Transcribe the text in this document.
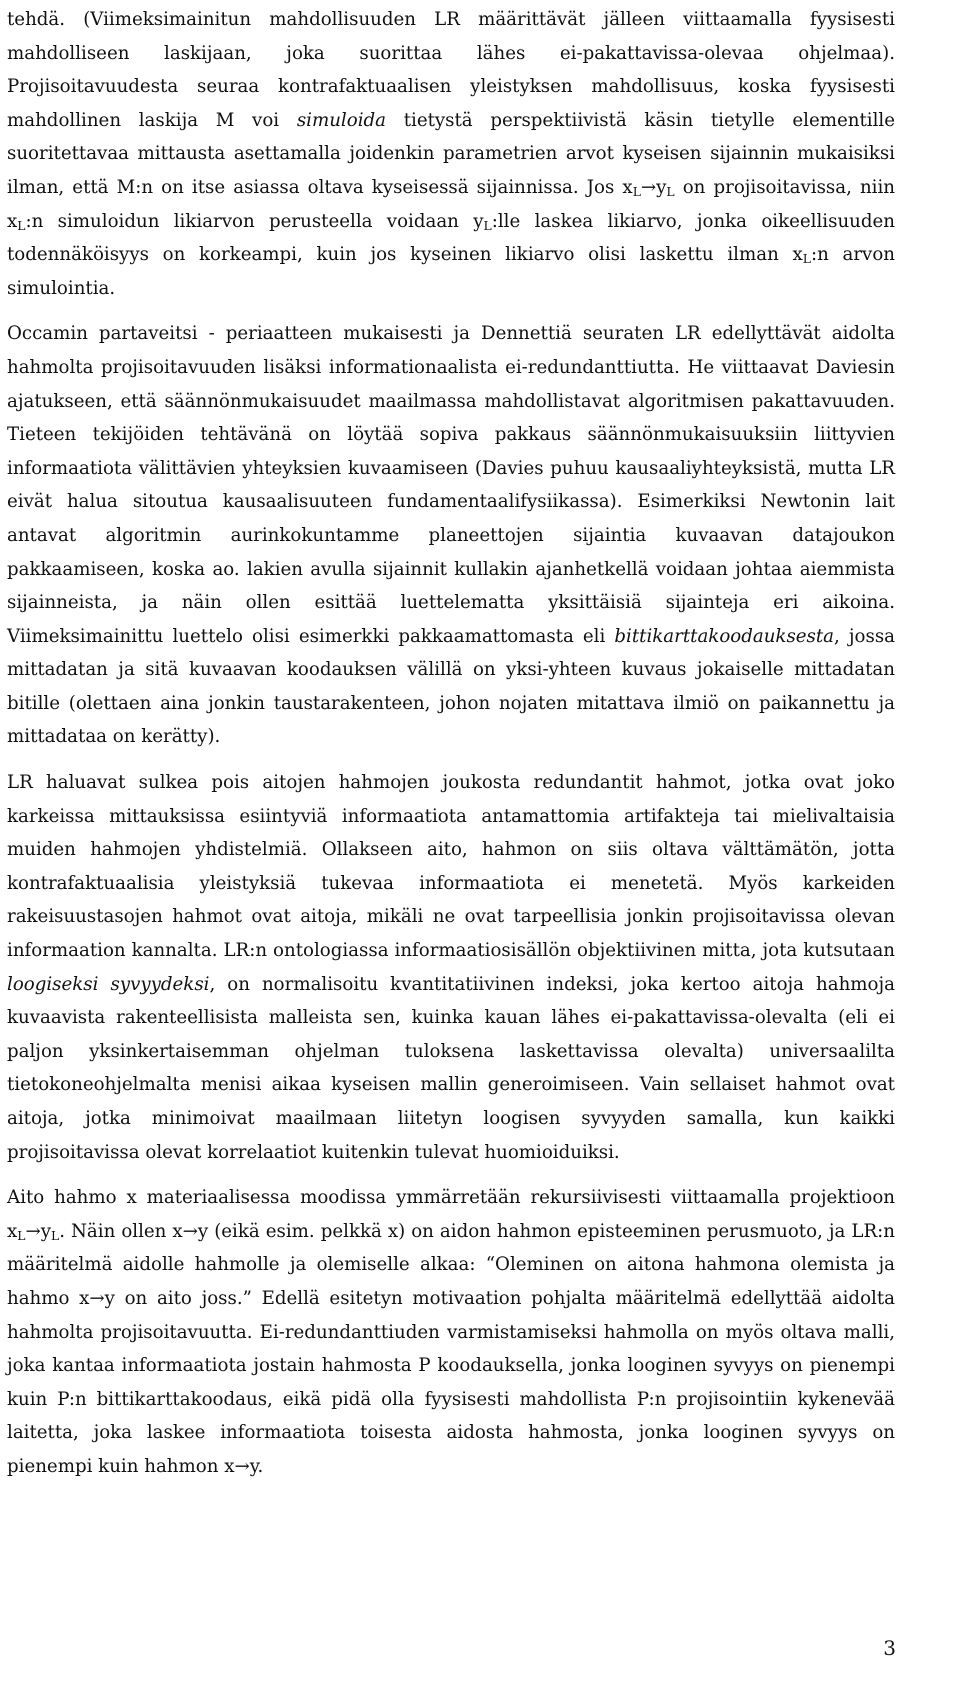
tehdä. (Viimeksimainitun mahdollisuuden LR määrittävät jälleen viittaamalla fyysisesti mahdolliseen laskijaan, joka suorittaa lähes ei-pakattavissa-olevaa ohjelmaa). Projisoitavuudesta seuraa kontrafaktuaalisen yleistyksen mahdollisuus, koska fyysisesti mahdollinen laskija M voi simuloida tietystä perspektiivistä käsin tietylle elementille suoritettavaa mittausta asettamalla joidenkin parametrien arvot kyseisen sijainnin mukaisiksi ilman, että M:n on itse asiassa oltava kyseisessä sijainnissa. Jos $x_L\to y_L$ on projisoitavissa, niin $x_L:n$ simuloidun likiarvon perusteella voidaan $y_L:lle$ laskea likiarvo, jonka oikeellisuuden todennäköisyys on korkeampi, kuin jos kyseinen likiarvo olisi laskettu ilman $x_L:n$ arvon simulointia.

Occamin partaveitsi - periaatteen mukaisesti ja Dennettiä seuraten LR edellyttävät aidolta hahmolta projisoitavuuden lisäksi informationaalista ei-redundanttiutta. He viittaavat Daviesin ajatukseen, että säännönmukaisuudet maailmassa mahdollistavat algoritmisen pakattavuuden. Tieteen tekijöiden tehtävänä on löytää sopiva pakkaus säännönmukaisuuksiin liittyvien informaatiota välittävien yhteyksien kuvaamiseen (Davies puhuu kausaaliyhteyksistä, mutta LR eivät halua sitoutua kausaalisuuteen fundamentaalifysiikassa). Esimerkiksi Newtonin lait antavat algoritmin aurinkokuntamme planeettojen sijaintia kuvaavan datajoukon pakkaamiseen, koska ao. lakien avulla sijainnit kullakin ajanhetkellä voidaan johtaa aiemmista sijainneista, ja näin ollen esittää luettelematta yksittäisiä sijainteja eri aikoina. Viimeksimainittu luettelo olisi esimerkki pakkaamattomasta eli bittikarttakoodauksesta, jossa mittadatan ja sitä kuvaavan koodauksen välillä on yksi-yhteen kuvaus jokaiselle mittadatan bitille (olettaen aina jonkin taustarakenteen, johon nojaten mitattava ilmiö on paikannettu ja mittadataa on kerätty).

LR haluavat sulkea pois aitojen hahmojen joukosta redundantit hahmot, jotka ovat joko karkeissa mittauksissa esiintyviä informaatiota antamattomia artifakteja tai mielivaltaisia muiden hahmojen yhdistelmiä. Ollakseen aito, hahmon on siis oltava välttämätön, jotta kontrafaktuaalisia yleistyksiä tukevaa informaatiota ei menetetä. Myös karkeiden rakeisuustasojen hahmot ovat aitoja, mikäli ne ovat tarpeellisia jonkin projisoitavissa olevan informaation kannalta. LR:n ontologiassa informaatiosisällön objektiivinen mitta, jota kutsutaan loogiseksi syvyydeksi, on normalisoitu kvantitatiivinen indeksi, joka kertoo aitoja hahmoja kuvaavista rakenteellisista malleista sen, kuinka kauan lähes ei-pakattavissa-olevalta (eli ei paljon yksinkertaisemman ohjelman tuloksena laskettavissa olevalta) universaalilta tietokoneohjelmalta menisi aikaa kyseisen mallin generoimiseen. Vain sellaiset hahmot ovat aitoja, jotka minimoivat maailmaan liitetyn loogisen syvyyden samalla, kun kaikki projisoitavissa olevat korrelaatiot kuitenkin tulevat huomioiduiksi.

Aito hahmo x materiaalisessa moodissa ymmärretään rekursiivisesti viittaamalla projektioon $x_L\to y_L$. Näin ollen x→y (eikä esim. pelkkä x) on aidon hahmon episteeminen perusmuoto, ja LR:n määritelmä aidolle hahmolle ja olemiselle alkaa: “Oleminen on aitona hahmona olemista ja hahmo x→y on aito joss.” Edellä esitetyn motivaation pohjalta määritelmä edellyttää aidolta hahmolta projisoitavuutta. Ei-redundanttiuden varmistamiseksi hahmolla on myös oltava malli, joka kantaa informaatiota jostain hahmosta P koodauksella, jonka looginen syvyys on pienempi kuin P:n bittikarttakoodaus, eikä pidä olla fyysisesti mahdollista P:n projisointiin kykenevää laitetta, joka laskee informaatiota toisesta aidosta hahmosta, jonka looginen syvyys on pienempi kuin hahmon x→y.

3
